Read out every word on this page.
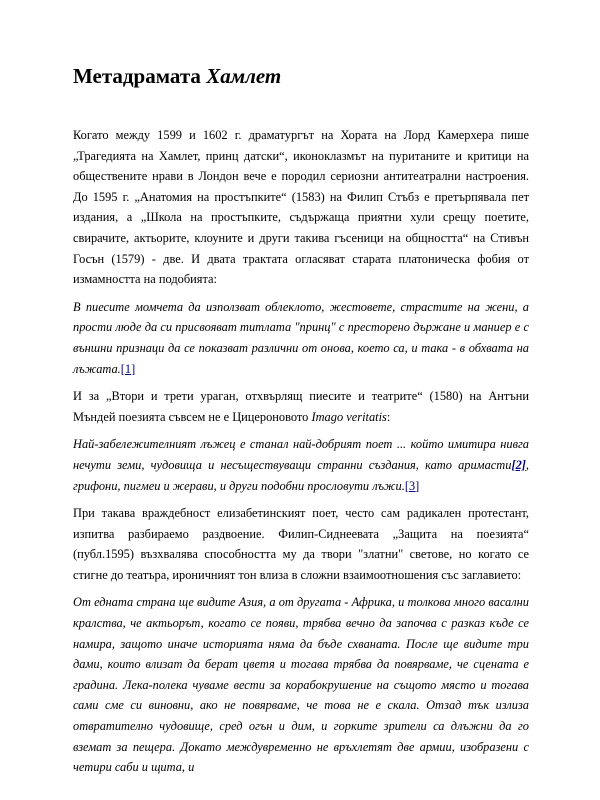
Метадрамата Хамлет

Когато между 1599 и 1602 г. драматургът на Хората на Лорд Камерхера пише „Трагедията на Хамлет, принц датски“, иконоклазмът на пуританите и критици на обществените нрави в Лондон вече е породил сериозни антитеатрални настроения. До 1595 г. „Анатомия на простъпките“ (1583) на Филип Стъбз е претърпявала пет издания, а „Школа на простъпките, съдържаща приятни хули срещу поетите, свирачите, актьорите, клоуните и други такива гъсеници на общността“ на Стивън Госън (1579) - две. И двата трактата огласяват старата платоническа фобия от измамността на подобията:

В пиесите момчета да използват облеклото, жестовете, страстите на жени, а прости люде да си присвояват титлата "принц" с престорено държане и маниер е с външни признаци да се показват различни от онова, което са, и така - в обхвата на лъжата.[1]

И за „Втори и трети ураган, отхвърлящ пиесите и театрите“ (1580) на Антъни Мъндей поезията съвсем не е Цицероновото Imago veritatis:

Най-забележителният лъжец е станал най-добрият поет ... който имитира нивга нечути земи, чудовища и несъществуващи странни създания, като аримасти[2], грифони, пигмеи и жерави, и други подобни прословути лъжи.[3]

При такава враждебност елизабетинският поет, често сам радикален протестант, изпитва разбираемо раздвоение. Филип-Сиднеевата „Защита на поезията“ (публ.1595) възхвалява способността му да твори "златни" светове, но когато се стигне до театъра, ироничният тон влиза в сложни взаимоотношения със заглавието:

От едната страна ще видите Азия, а от другата - Африка, и толкова много васални кралства, че актьорът, когато се появи, трябва вечно да започва с разказ къде се намира, защото иначе историята няма да бъде схваната. После ще видите три дами, които влизат да берат цветя и тогава трябва да повярваме, че сцената е градина. Лека-полека чуваме вести за корабокрушение на същото място и тогава сами сме си виновни, ако не повярваме, че това не е скала. Отзад тък излиза отвратително чудовище, сред огън и дим, и горките зрители са длъжни да го вземат за пещера. Докато междувременно не връхлетят две армии, изобразени с четири саби и щита, и
